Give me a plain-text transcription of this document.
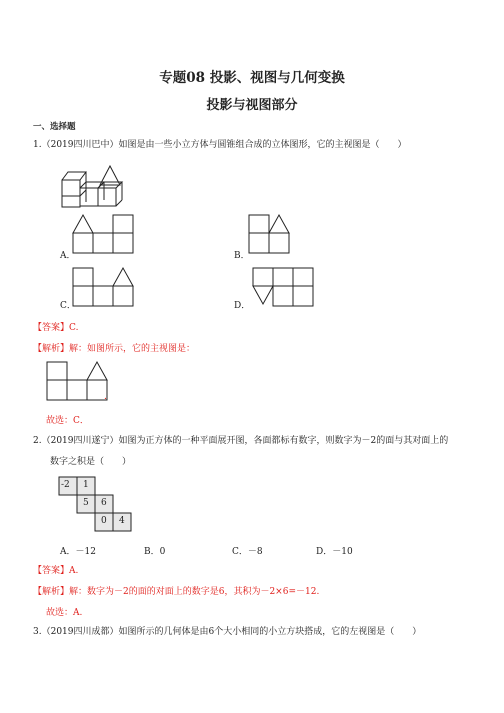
专题08 投影、视图与几何变换
投影与视图部分
一、选择题
1.（2019四川巴中）如图是由一些小立方体与圆锥组合成的立体图形，它的主视图是（　　）
A．	B．
C．	D．
【答案】C.
【解析】解：如图所示，它的主视图是：
.
故选：C．
2.（2019四川遂宁）如图为正方体的一种平面展开图，各面都标有数字，则数字为－2的面与其对面上的
数字之积是（　　）
-2 1
5 6
0 4
A．－12	B．0	C．－8	D．－10
【答案】A.
【解析】解：数字为－2的面的对面上的数字是6，其积为－2×6=－12.
故选：A.
3.（2019四川成都）如图所示的几何体是由6个大小相同的小立方块搭成，它的左视图是（　　）
